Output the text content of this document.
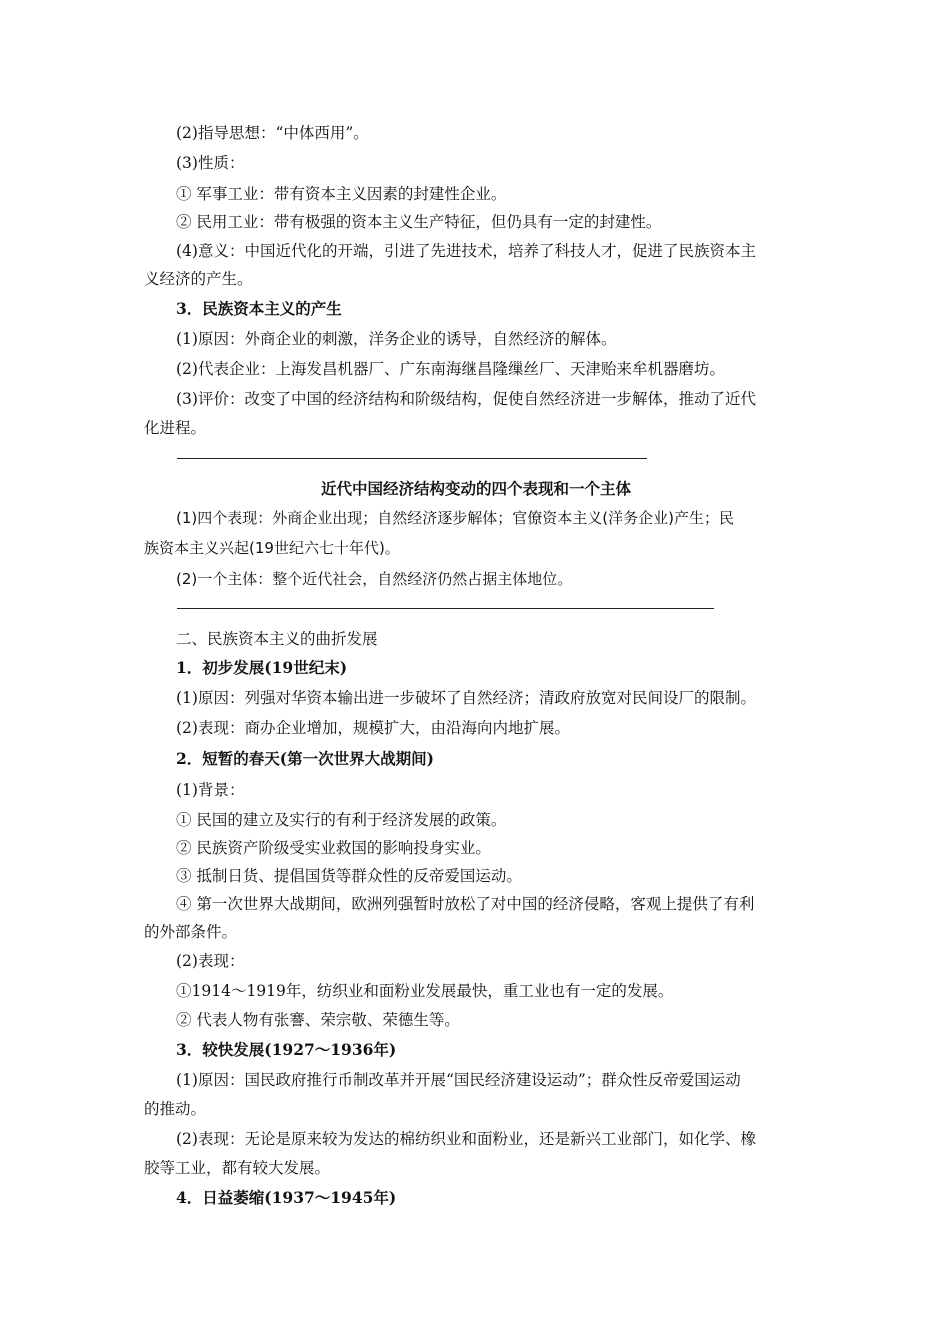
(2)指导思想：“中体西用”。
(3)性质：
① 军事工业：带有资本主义因素的封建性企业。
② 民用工业：带有极强的资本主义生产特征，但仍具有一定的封建性。
(4)意义：中国近代化的开端，引进了先进技术，培养了科技人才，促进了民族资本主
义经济的产生。
3．民族资本主义的产生
(1)原因：外商企业的刺激，洋务企业的诱导，自然经济的解体。
(2)代表企业：上海发昌机器厂、广东南海继昌隆缫丝厂、天津贻来牟机器磨坊。
(3)评价：改变了中国的经济结构和阶级结构，促使自然经济进一步解体，推动了近代
化进程。
近代中国经济结构变动的四个表现和一个主体
(1)四个表现：外商企业出现；自然经济逐步解体；官僚资本主义(洋务企业)产生；民
族资本主义兴起(19世纪六七十年代)。
(2)一个主体：整个近代社会，自然经济仍然占据主体地位。
二、民族资本主义的曲折发展
1．初步发展(19世纪末)
(1)原因：列强对华资本输出进一步破坏了自然经济；清政府放宽对民间设厂的限制。
(2)表现：商办企业增加，规模扩大，由沿海向内地扩展。
2．短暂的春天(第一次世界大战期间)
(1)背景：
① 民国的建立及实行的有利于经济发展的政策。
② 民族资产阶级受实业救国的影响投身实业。
③ 抵制日货、提倡国货等群众性的反帝爱国运动。
④ 第一次世界大战期间，欧洲列强暂时放松了对中国的经济侵略，客观上提供了有利
的外部条件。
(2)表现：
①1914～1919年，纺织业和面粉业发展最快，重工业也有一定的发展。
② 代表人物有张謇、荣宗敬、荣德生等。
3．较快发展(1927～1936年)
(1)原因：国民政府推行币制改革并开展“国民经济建设运动”；群众性反帝爱国运动
的推动。
(2)表现：无论是原来较为发达的棉纺织业和面粉业，还是新兴工业部门，如化学、橡
胶等工业，都有较大发展。
4．日益萎缩(1937～1945年)
